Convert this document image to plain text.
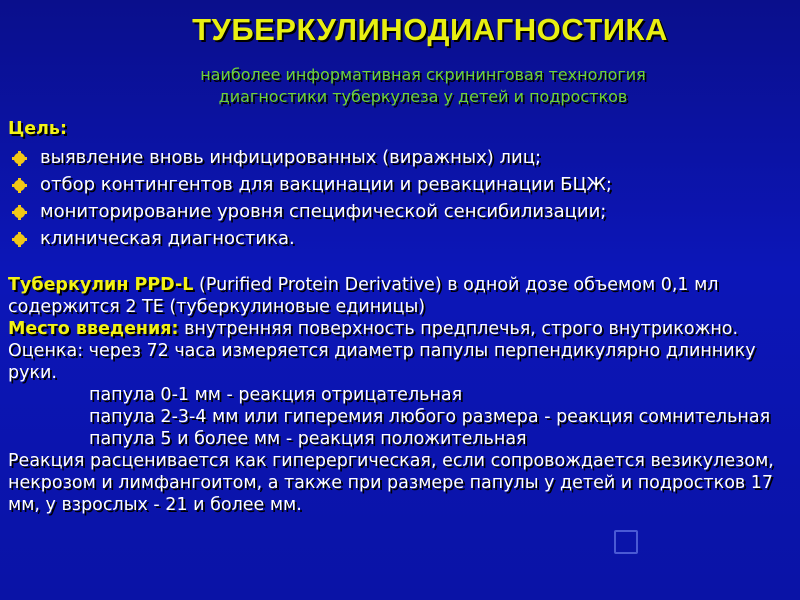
ТУБЕРКУЛИНОДИАГНОСТИКА
наиболее информативная скрининговая технология
диагностики туберкулеза у детей и подростков
Цель:
выявление вновь инфицированных (виражных) лиц;
отбор контингентов для вакцинации и ревакцинации БЦЖ;
мониторирование уровня специфической сенсибилизации;
клиническая диагностика.

Туберкулин PPD-L (Purified Protein Derivative) в одной дозе объемом 0,1 мл содержится 2 ТЕ (туберкулиновые единицы)

Место введения: внутренняя поверхность предплечья, строго внутрикожно.

Оценка: через 72 часа измеряется диаметр папулы перпендикулярно длиннику руки.

папула 0-1 мм - реакция отрицательная

папула 2-3-4 мм или гиперемия любого размера - реакция сомнительная

папула 5 и более мм - реакция положительная

Реакция расценивается как гиперергическая, если сопровождается везикулезом, некрозом и лимфангоитом, а также при размере папулы у детей и подростков 17 мм, у взрослых - 21 и более мм.
